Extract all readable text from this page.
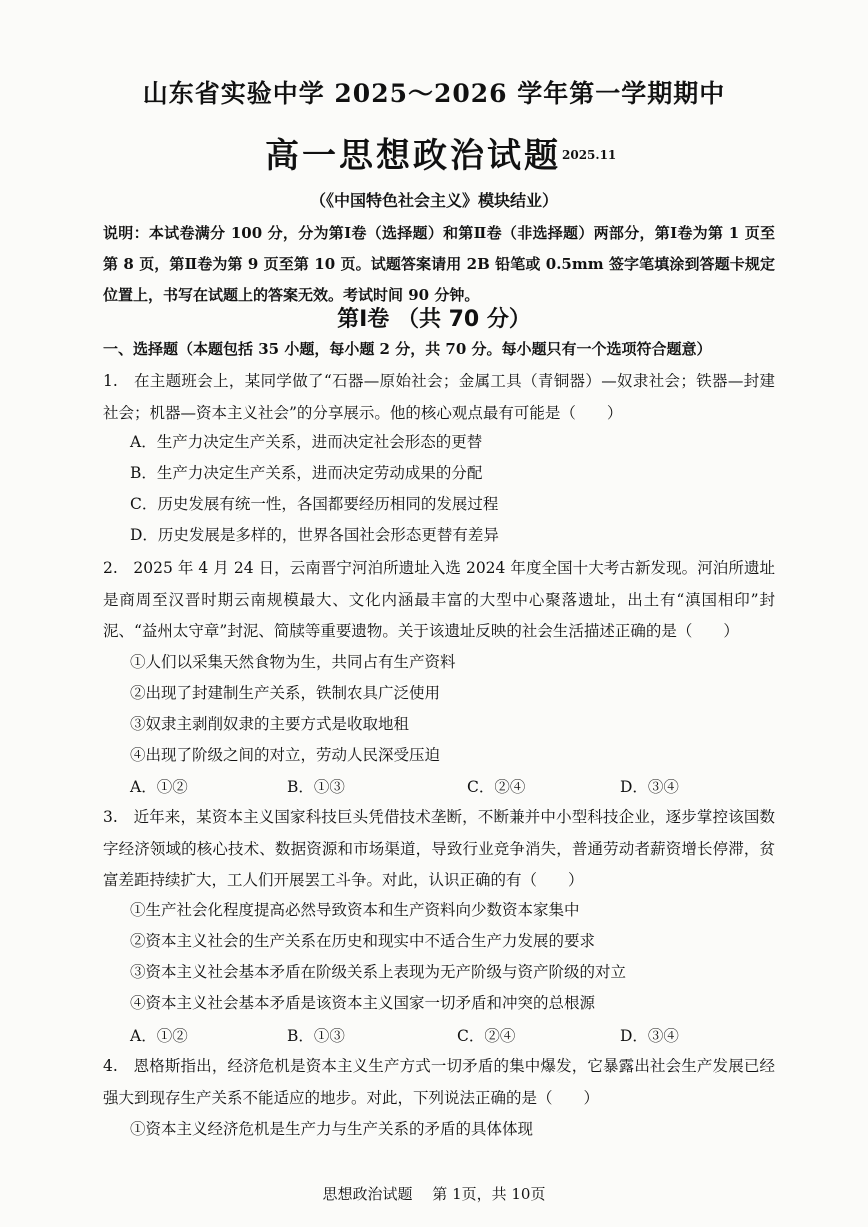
山东省实验中学 2025～2026 学年第一学期期中
高一思想政治试题 2025.11
（《中国特色社会主义》模块结业）
说明：本试卷满分 100 分，分为第Ⅰ卷（选择题）和第Ⅱ卷（非选择题）两部分，第Ⅰ卷为第 1 页至第 8 页，第Ⅱ卷为第 9 页至第 10 页。试题答案请用 2B 铅笔或 0.5mm 签字笔填涂到答题卡规定位置上，书写在试题上的答案无效。考试时间 90 分钟。
第Ⅰ卷 （共 70 分）
一、选择题（本题包括 35 小题，每小题 2 分，共 70 分。每小题只有一个选项符合题意）
1.　在主题班会上，某同学做了“石器—原始社会；金属工具（青铜器）—奴隶社会；铁器—封建社会；机器—资本主义社会”的分享展示。他的核心观点最有可能是（　　）
A．生产力决定生产关系，进而决定社会形态的更替
B．生产力决定生产关系，进而决定劳动成果的分配
C．历史发展有统一性，各国都要经历相同的发展过程
D．历史发展是多样的，世界各国社会形态更替有差异
2.　2025 年 4 月 24 日，云南晋宁河泊所遗址入选 2024 年度全国十大考古新发现。河泊所遗址是商周至汉晋时期云南规模最大、文化内涵最丰富的大型中心聚落遗址，出土有“滇国相印”封泥、“益州太守章”封泥、简牍等重要遗物。关于该遗址反映的社会生活描述正确的是（　　）
①人们以采集天然食物为生，共同占有生产资料
②出现了封建制生产关系，铁制农具广泛使用
③奴隶主剥削奴隶的主要方式是收取地租
④出现了阶级之间的对立，劳动人民深受压迫
A．①②	B．①③	C．②④	D．③④
3.　近年来，某资本主义国家科技巨头凭借技术垄断，不断兼并中小型科技企业，逐步掌控该国数字经济领域的核心技术、数据资源和市场渠道，导致行业竞争消失，普通劳动者薪资增长停滞，贫富差距持续扩大，工人们开展罢工斗争。对此，认识正确的有（　　）
①生产社会化程度提高必然导致资本和生产资料向少数资本家集中
②资本主义社会的生产关系在历史和现实中不适合生产力发展的要求
③资本主义社会基本矛盾在阶级关系上表现为无产阶级与资产阶级的对立
④资本主义社会基本矛盾是该资本主义国家一切矛盾和冲突的总根源
A．①②	B．①③	C．②④	D．③④
4.　恩格斯指出，经济危机是资本主义生产方式一切矛盾的集中爆发，它暴露出社会生产发展已经强大到现存生产关系不能适应的地步。对此，下列说法正确的是（　　）
①资本主义经济危机是生产力与生产关系的矛盾的具体体现
思想政治试题　 第 1页，共 10页
